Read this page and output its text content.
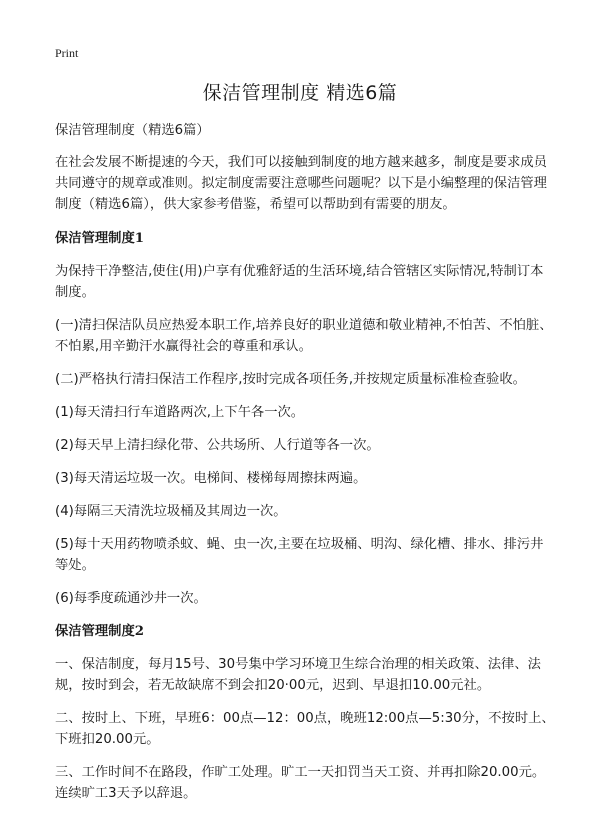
Print
保洁管理制度 精选6篇

保洁管理制度（精选6篇）

在社会发展不断提速的今天，我们可以接触到制度的地方越来越多，制度是要求成员共同遵守的规章或准则。拟定制度需要注意哪些问题呢？以下是小编整理的保洁管理制度（精选6篇），供大家参考借鉴，希望可以帮助到有需要的朋友。

保洁管理制度1

为保持干净整洁,使住(用)户享有优雅舒适的生活环境,结合管辖区实际情况,特制订本制度。

(一)清扫保洁队员应热爱本职工作,培养良好的职业道德和敬业精神,不怕苦、不怕脏、不怕累,用辛勤汗水赢得社会的尊重和承认。

(二)严格执行清扫保洁工作程序,按时完成各项任务,并按规定质量标准检查验收。

(1)每天清扫行车道路两次,上下午各一次。

(2)每天早上清扫绿化带、公共场所、人行道等各一次。

(3)每天清运垃圾一次。电梯间、楼梯每周擦抹两遍。

(4)每隔三天清洗垃圾桶及其周边一次。

(5)每十天用药物喷杀蚊、蝇、虫一次,主要在垃圾桶、明沟、绿化槽、排水、排污井等处。

(6)每季度疏通沙井一次。

保洁管理制度2

一、保洁制度，每月15号、30号集中学习环境卫生综合治理的相关政策、法律、法规，按时到会，若无故缺席不到会扣20·00元，迟到、早退扣10.00元社。

二、按时上、下班，早班6：00点—12：00点，晚班12:00点—5:30分，不按时上、下班扣20.00元。

三、工作时间不在路段，作旷工处理。旷工一天扣罚当天工资、并再扣除20.00元。连续旷工3天予以辞退。
